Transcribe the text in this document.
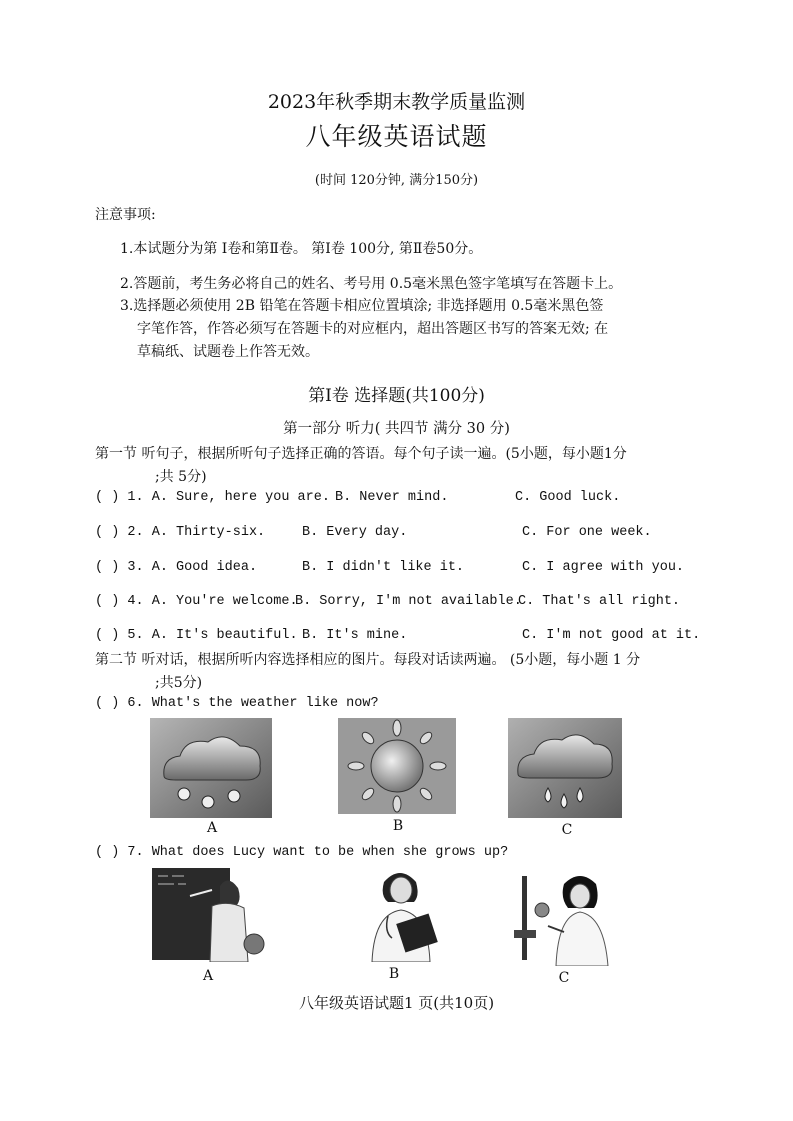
2023年秋季期末教学质量监测
八年级英语试题
(时间 120分钟, 满分150分)
注意事项:
1.本试题分为第 Ⅰ卷和第Ⅱ卷。 第Ⅰ卷 100分, 第Ⅱ卷50分。
2.答题前，考生务必将自己的姓名、考号用 0.5毫米黑色签字笔填写在答题卡上。
3.选择题必须使用 2B 铅笔在答题卡相应位置填涂; 非选择题用 0.5毫米黑色签
字笔作答，作答必须写在答题卡的对应框内，超出答题区书写的答案无效; 在
草稿纸、试题卷上作答无效。
第Ⅰ卷 选择题(共100分)
第一部分 听力( 共四节 满分 30 分)
第一节 听句子，根据所听句子选择正确的答语。每个句子读一遍。(5小题，每小题1分
;共 5分)
( ) 1. A. Sure, here you are. B. Never mind.	C. Good luck.
( ) 2. A. Thirty-six.	B. Every day.	C. For one week.
( ) 3. A. Good idea.	B. I didn't like it.	C. I agree with you.
( ) 4. A. You're welcome.
B. Sorry, I'm not available.
C. That's all right.
( ) 5. A. It's beautiful. B. It's mine.	C. I'm not good at it.
第二节 听对话，根据所听内容选择相应的图片。每段对话读两遍。 (5小题，每小题 1 分
;共5分)
( ) 6. What's the weather like now?
A	B	C
( ) 7. What does Lucy want to be when she grows up?
A	B	C
八年级英语试题1 页(共10页)
